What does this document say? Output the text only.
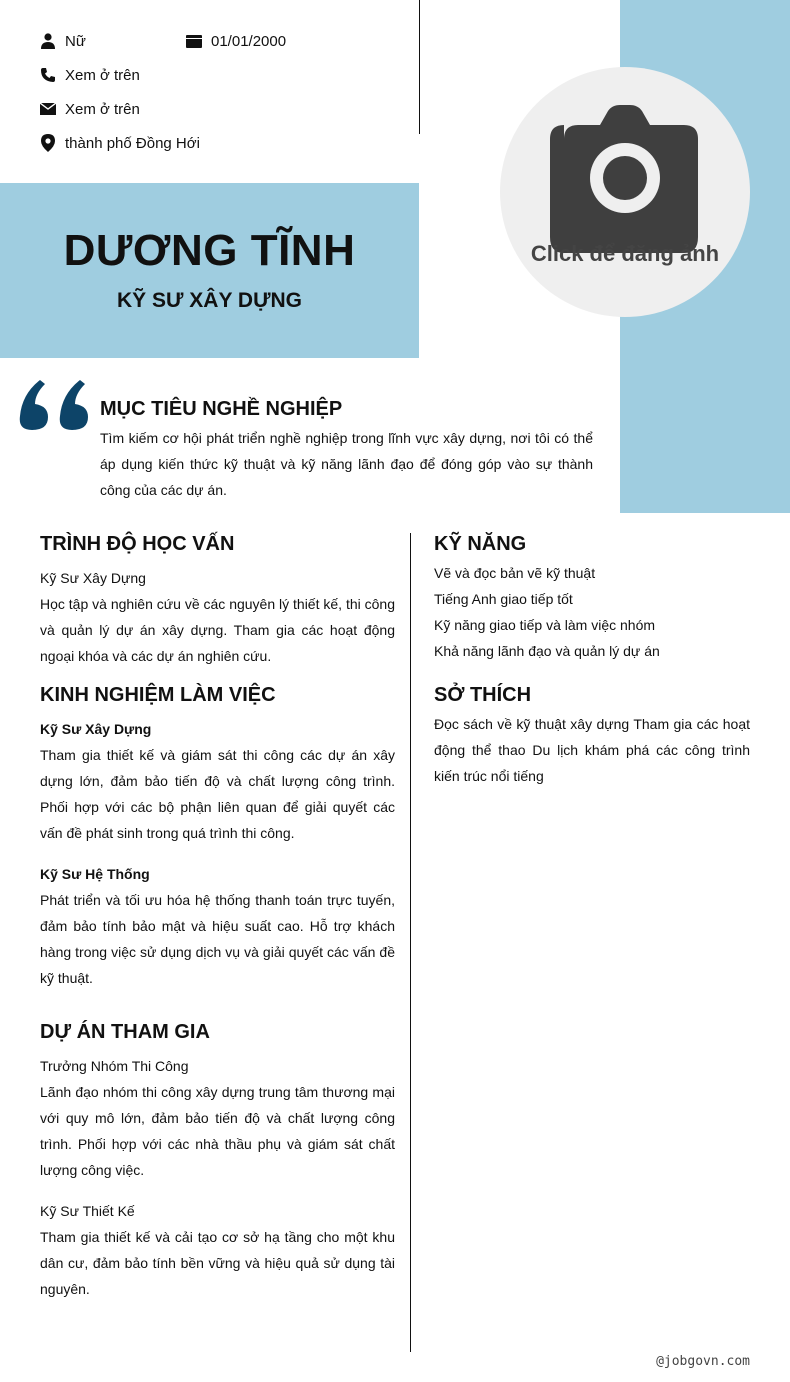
Click để đăng ảnh
Nữ	01/01/2000
Xem ở trên
Xem ở trên
thành phố Đồng Hới
DƯƠNG TĨNH
KỸ SƯ XÂY DỰNG
MỤC TIÊU NGHỀ NGHIỆP
Tìm kiếm cơ hội phát triển nghề nghiệp trong lĩnh vực xây dựng, nơi tôi có thể áp dụng kiến thức kỹ thuật và kỹ năng lãnh đạo để đóng góp vào sự thành công của các dự án.
TRÌNH ĐỘ HỌC VẤN
Kỹ Sư Xây Dựng
Học tập và nghiên cứu về các nguyên lý thiết kế, thi công và quản lý dự án xây dựng. Tham gia các hoạt động ngoại khóa và các dự án nghiên cứu.
KINH NGHIỆM LÀM VIỆC
Kỹ Sư Xây Dựng
Tham gia thiết kế và giám sát thi công các dự án xây dựng lớn, đảm bảo tiến độ và chất lượng công trình. Phối hợp với các bộ phận liên quan để giải quyết các vấn đề phát sinh trong quá trình thi công.
Kỹ Sư Hệ Thống
Phát triển và tối ưu hóa hệ thống thanh toán trực tuyến, đảm bảo tính bảo mật và hiệu suất cao. Hỗ trợ khách hàng trong việc sử dụng dịch vụ và giải quyết các vấn đề kỹ thuật.
DỰ ÁN THAM GIA
Trưởng Nhóm Thi Công
Lãnh đạo nhóm thi công xây dựng trung tâm thương mại với quy mô lớn, đảm bảo tiến độ và chất lượng công trình. Phối hợp với các nhà thầu phụ và giám sát chất lượng công việc.
Kỹ Sư Thiết Kế
Tham gia thiết kế và cải tạo cơ sở hạ tầng cho một khu dân cư, đảm bảo tính bền vững và hiệu quả sử dụng tài nguyên.
KỸ NĂNG
Vẽ và đọc bản vẽ kỹ thuật
Tiếng Anh giao tiếp tốt
Kỹ năng giao tiếp và làm việc nhóm
Khả năng lãnh đạo và quản lý dự án
SỞ THÍCH
Đọc sách về kỹ thuật xây dựng Tham gia các hoạt động thể thao Du lịch khám phá các công trình kiến trúc nổi tiếng
@jobgovn.com
